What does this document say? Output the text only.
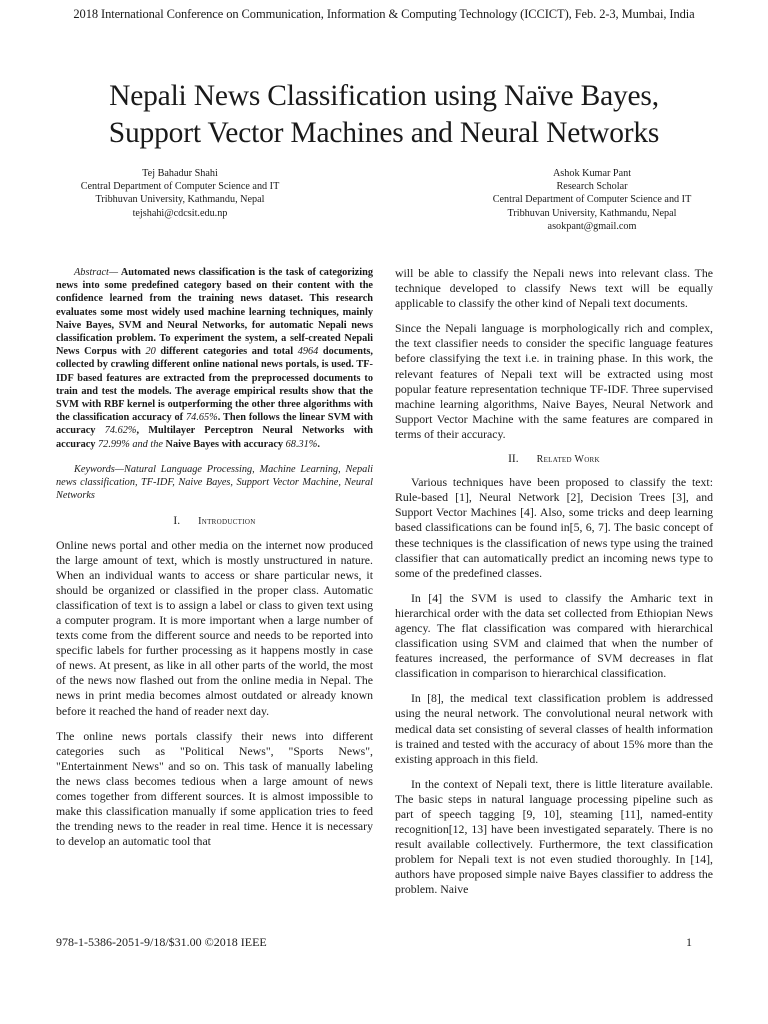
2018 International Conference on Communication, Information & Computing Technology (ICCICT), Feb. 2-3, Mumbai, India
Nepali News Classification using Naïve Bayes,
Support Vector Machines and Neural Networks
Tej Bahadur Shahi
Central Department of Computer Science and IT
Tribhuvan University, Kathmandu, Nepal
tejshahi@cdcsit.edu.np
Ashok Kumar Pant
Research Scholar
Central Department of Computer Science and IT
Tribhuvan University, Kathmandu, Nepal
asokpant@gmail.com

Abstract— Automated news classification is the task of categorizing news into some predefined category based on their content with the confidence learned from the training news dataset. This research evaluates some most widely used machine learning techniques, mainly Naive Bayes, SVM and Neural Networks, for automatic Nepali news classification problem. To experiment the system, a self-created Nepali News Corpus with 20 different categories and total 4964 documents, collected by crawling different online national news portals, is used. TF-IDF based features are extracted from the preprocessed documents to train and test the models. The average empirical results show that the SVM with RBF kernel is outperforming the other three algorithms with the classification accuracy of 74.65%. Then follows the linear SVM with accuracy 74.62%, Multilayer Perceptron Neural Networks with accuracy 72.99% and the Naive Bayes with accuracy 68.31%.

Keywords—Natural Language Processing, Machine Learning, Nepali news classification, TF-IDF, Naive Bayes, Support Vector Machine, Neural Networks

I. Introduction

Online news portal and other media on the internet now produced the large amount of text, which is mostly unstructured in nature. When an individual wants to access or share particular news, it should be organized or classified in the proper class. Automatic classification of text is to assign a label or class to given text using a computer program. It is more important when a large number of texts come from the different source and needs to be reported into specific labels for further processing as it happens mostly in case of news. At present, as like in all other parts of the world, the most of the news now flashed out from the online media in Nepal. The news in print media becomes almost outdated or already known before it reached the hand of reader next day.

The online news portals classify their news into different categories such as "Political News", "Sports News", "Entertainment News" and so on. This task of manually labeling the news class becomes tedious when a large amount of news comes together from different sources. It is almost impossible to make this classification manually if some application tries to feed the trending news to the reader in real time. Hence it is necessary to develop an automatic tool that

will be able to classify the Nepali news into relevant class. The technique developed to classify News text will be equally applicable to classify the other kind of Nepali text documents.

Since the Nepali language is morphologically rich and complex, the text classifier needs to consider the specific language features before classifying the text i.e. in training phase. In this work, the relevant features of Nepali text will be extracted using most popular feature representation technique TF-IDF. Three supervised machine learning algorithms, Naive Bayes, Neural Network and Support Vector Machine with the same features are compared in terms of their accuracy.

II. Related Work

Various techniques have been proposed to classify the text: Rule-based [1], Neural Network [2], Decision Trees [3], and Support Vector Machines [4]. Also, some tricks and deep learning based classifications can be found in[5, 6, 7]. The basic concept of these techniques is the classification of news type using the trained classifier that can automatically predict an incoming news type to some of the predefined classes.

In [4] the SVM is used to classify the Amharic text in hierarchical order with the data set collected from Ethiopian News agency. The flat classification was compared with hierarchical classification using SVM and claimed that when the number of features increased, the performance of SVM decreases in flat classification in comparison to hierarchical classification.

In [8], the medical text classification problem is addressed using the neural network. The convolutional neural network with medical data set consisting of several classes of health information is trained and tested with the accuracy of about 15% more than the existing approach in this field.

In the context of Nepali text, there is little literature available. The basic steps in natural language processing pipeline such as part of speech tagging [9, 10], steaming [11], named-entity recognition[12, 13] have been investigated separately. There is no result available collectively. Furthermore, the text classification problem for Nepali text is not even studied thoroughly. In [14], authors have proposed simple naive Bayes classifier to address the problem. Naive

978-1-5386-2051-9/18/$31.00 ©2018 IEEE	1
